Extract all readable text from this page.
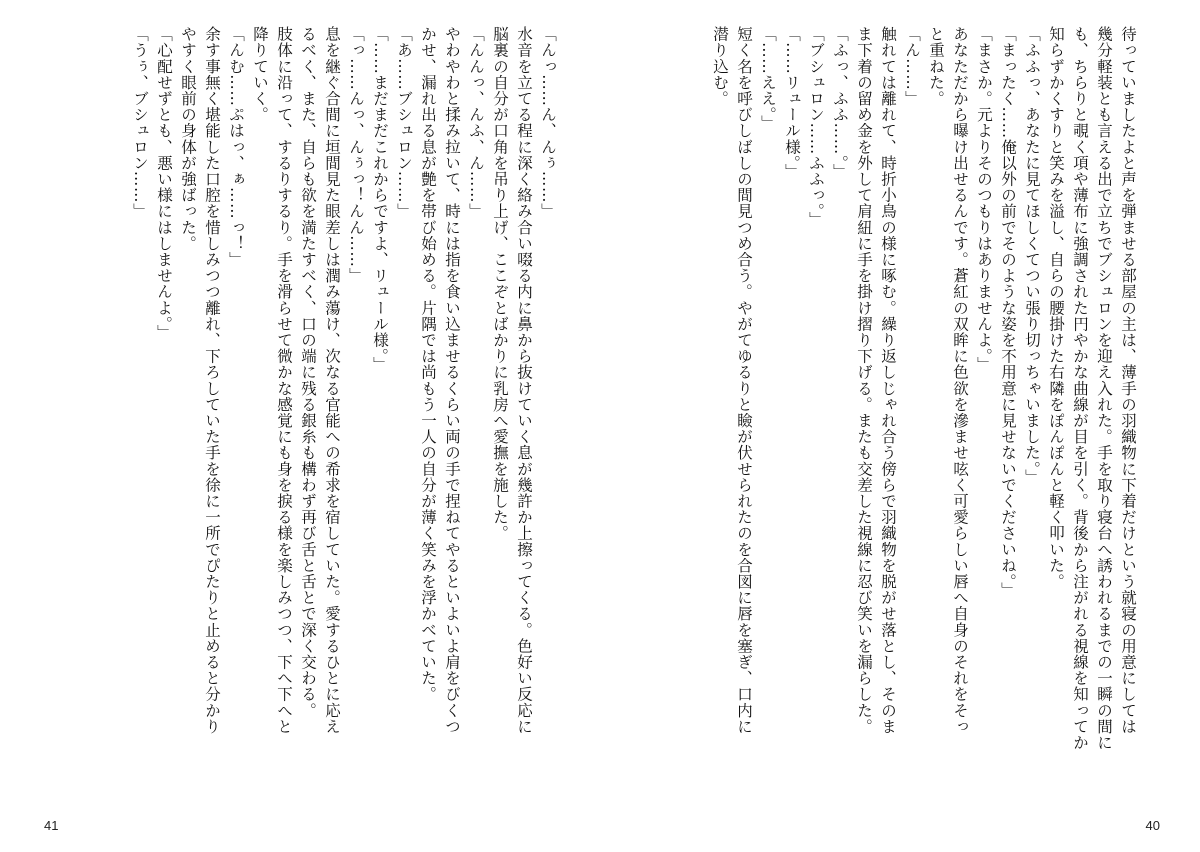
「んっ……ん、んぅ……」
水音を立てる程に深く絡み合い啜る内に鼻から抜けていく息が幾許か上擦ってくる。色好い反応に
脳裏の自分が口角を吊り上げ、ここぞとばかりに乳房へ愛撫を施した。
「んんっ、んふ、ん……」
やわやわと揉み拉いて、時には指を食い込ませるくらい両の手で捏ねてやるといよいよ肩をびくつ
かせ、漏れ出る息が艶を帯び始める。片隅では尚もう一人の自分が薄く笑みを浮かべていた。
「あ……ブシュロン……」
「……まだまだこれからですよ、リュール様。」
「っ……んっ、んぅっ！んん……」
息を継ぐ合間に垣間見た眼差しは潤み蕩け、次なる官能への希求を宿していた。愛するひとに応え
るべく、また、自らも欲を満たすべく、口の端に残る銀糸も構わず再び舌と舌とで深く交わる。
肢体に沿って、するりするり。手を滑らせて微かな感覚にも身を捩る様を楽しみつつ、下へ下へと
降りていく。
「んむ……ぷはっ、ぁ……っ！」
余す事無く堪能した口腔を惜しみつつ離れ、下ろしていた手を徐に一所でぴたりと止めると分かり
やすく眼前の身体が強ばった。
「心配せずとも、悪い様にはしませんよ。」
「うぅ、ブシュロン……」
41
待っていましたよと声を弾ませる部屋の主は、薄手の羽織物に下着だけという就寝の用意にしては
幾分軽装とも言える出で立ちでブシュロンを迎え入れた。手を取り寝台へ誘われるまでの一瞬の間に
も、ちらりと覗く項や薄布に強調された円やかな曲線が目を引く。背後から注がれる視線を知ってか
知らずかくすりと笑みを溢し、自らの腰掛けた右隣をぽんぽんと軽く叩いた。
「ふふっ、あなたに見てほしくてつい張り切っちゃいました。」
「まったく……俺以外の前でそのような姿を不用意に見せないでくださいね。」
「まさか。元よりそのつもりはありませんよ。」
あなただから曝け出せるんです。蒼紅の双眸に色欲を滲ませ呟く可愛らしい唇へ自身のそれをそっ
と重ねた。
「ん……」
触れては離れて、時折小鳥の様に啄む。繰り返しじゃれ合う傍らで羽織物を脱がせ落とし、そのま
ま下着の留め金を外して肩紐に手を掛け摺り下げる。またも交差した視線に忍び笑いを漏らした。
「ふっ、ふふ……。」
「ブシュロン……ふふっ。」
「……リュール様。」
「……ええ。」
短く名を呼びしばしの間見つめ合う。やがてゆるりと瞼が伏せられたのを合図に唇を塞ぎ、口内に
潜り込む。
40
